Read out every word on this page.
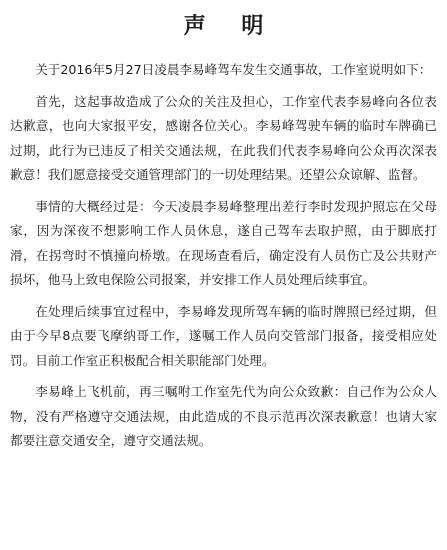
声 明

关于2016年5月27日凌晨李易峰驾车发生交通事故，工作室说明如下：

首先，这起事故造成了公众的关注及担心，工作室代表李易峰向各位表达歉意，也向大家报平安，感谢各位关心。李易峰驾驶车辆的临时车牌确已过期，此行为已违反了相关交通法规，在此我们代表李易峰向公众再次深表歉意！我们愿意接受交通管理部门的一切处理结果。还望公众谅解、监督。

事情的大概经过是：今天凌晨李易峰整理出差行李时发现护照忘在父母家，因为深夜不想影响工作人员休息，遂自己驾车去取护照，由于脚底打滑，在拐弯时不慎撞向桥墩。在现场查看后，确定没有人员伤亡及公共财产损坏，他马上致电保险公司报案，并安排工作人员处理后续事宜。

在处理后续事宜过程中，李易峰发现所驾车辆的临时牌照已经过期，但由于今早8点要飞摩纳哥工作，遂嘱工作人员向交管部门报备，接受相应处罚。目前工作室正积极配合相关职能部门处理。

李易峰上飞机前，再三嘱咐工作室先代为向公众致歉：自己作为公众人物，没有严格遵守交通法规，由此造成的不良示范再次深表歉意！也请大家都要注意交通安全，遵守交通法规。
